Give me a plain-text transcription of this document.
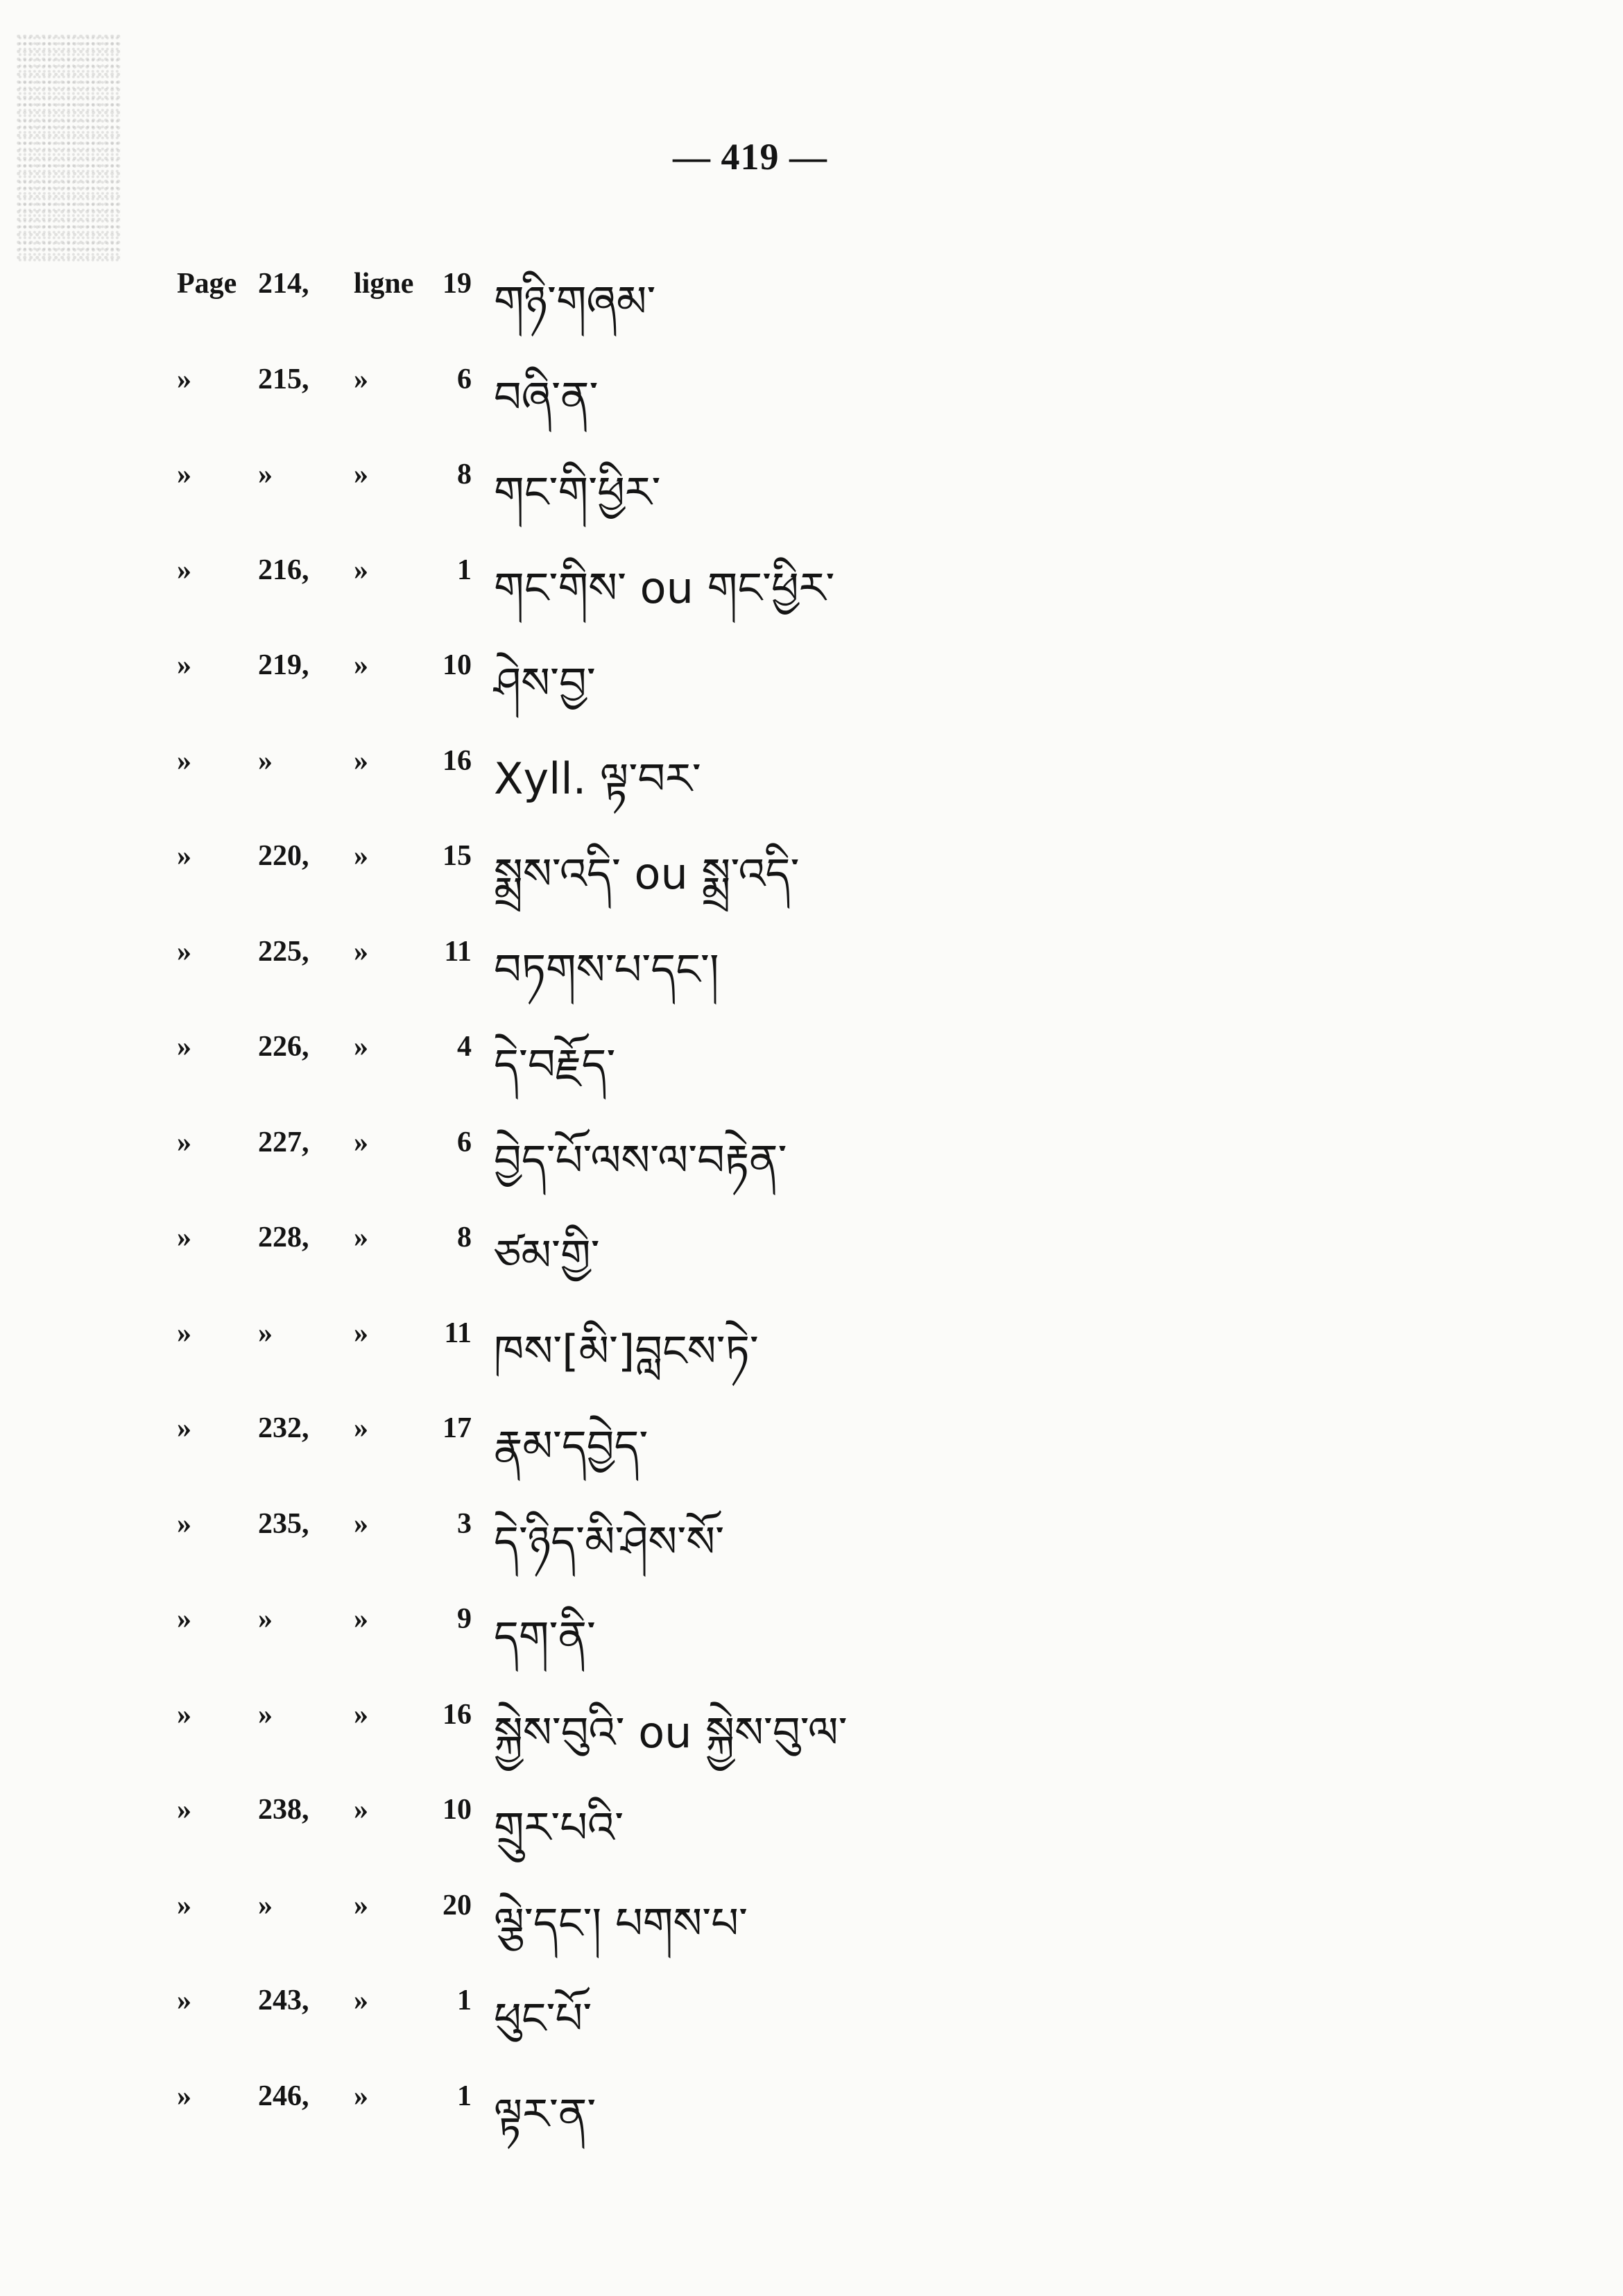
— 419 —
Page 214, ligne 19 གཉི་གཞམ་
» 215, »	6 བཞི་ན་
» »	»	8 གང་གི་ཕྱིར་
» 216, »	1 གང་གིས་ ou གང་ཕྱིར་
» 219, »	10 ཤེས་བྱ་
» »	»	16 Xyll. ལྟ་བར་
» 220, »	15 སྨྲས་འདི་ ou སྨྲ་འདི་
» 225, »	11 བཏགས་པ་དང་།
» 226, »	4 དེ་བརྗོད་
» 227, »	6 བྱེད་པོ་ལས་ལ་བརྟེན་
» 228, »	8 ཙམ་གྱི་
» »	»	11 ཁས་[མི་]བླངས་ཏེ་
» 232, »	17 རྣམ་དབྱེད་
» 235, »	3 དེ་ཉིད་མི་ཤེས་སོ་
» »	»	9 དག་ནི་
» »	»	16 སྐྱེས་བུའི་ ou སྐྱེས་བུ་ལ་
» 238, »	10 གྲུར་པའི་
» »	»	20 ལྕེ་དང་། པགས་པ་
» 243, »	1 ཕུང་པོ་
» 246, »	1 ལྟར་ན་
